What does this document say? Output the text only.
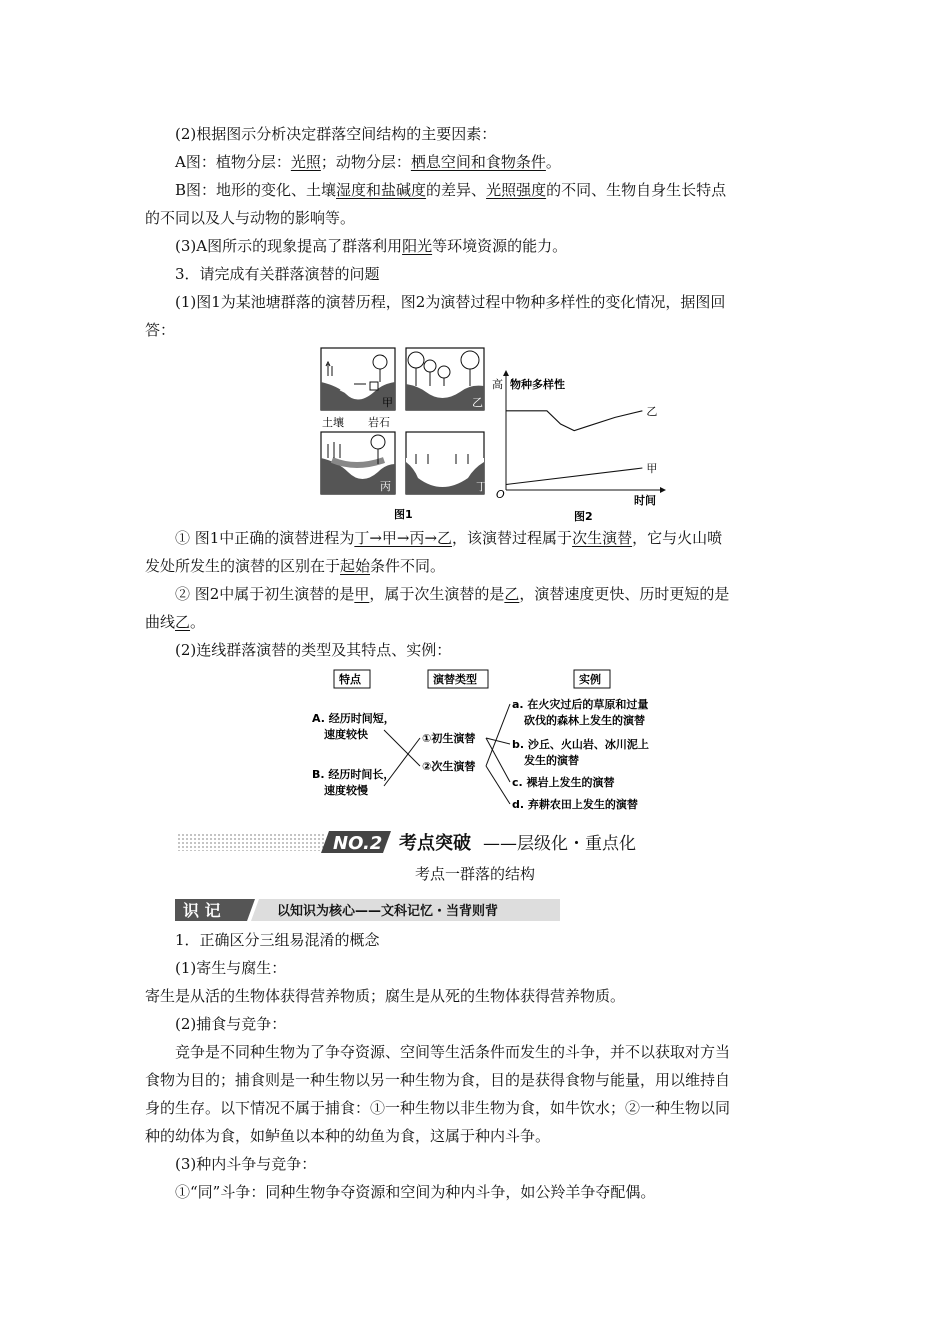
(2)根据图示分析决定群落空间结构的主要因素：
A图：植物分层：光照；动物分层：栖息空间和食物条件。
B图：地形的变化、土壤湿度和盐碱度的差异、光照强度的不同、生物自身生长特点
的不同以及人与动物的影响等。
(3)A图所示的现象提高了群落利用阳光等环境资源的能力。
3．请完成有关群落演替的问题
(1)图1为某池塘群落的演替历程，图2为演替过程中物种多样性的变化情况，据图回
答：
甲
土壤 岩石
乙
丙	丁
图1
高 物种多样性
O	时间
图2
乙
甲
① 图1中正确的演替进程为丁→甲→丙→乙，该演替过程属于次生演替，它与火山喷
发处所发生的演替的区别在于起始条件不同。
② 图2中属于初生演替的是甲，属于次生演替的是乙，演替速度更快、历时更短的是
曲线乙。
(2)连线群落演替的类型及其特点、实例：
特点	演替类型	实例
A. 经历时间短，
速度较快
B. 经历时间长，
速度较慢
①初生演替
②次生演替
a. 在火灾过后的草原和过量
砍伐的森林上发生的演替
b. 沙丘、火山岩、冰川泥上
发生的演替
c. 裸岩上发生的演替
d. 弃耕农田上发生的演替
NO.2 考点突破 ——层级化・重点化
考点一群落的结构
识 记	以知识为核心——文科记忆・当背则背
1．正确区分三组易混淆的概念
(1)寄生与腐生：
寄生是从活的生物体获得营养物质；腐生是从死的生物体获得营养物质。
(2)捕食与竞争：
竞争是不同种生物为了争夺资源、空间等生活条件而发生的斗争，并不以获取对方当
食物为目的；捕食则是一种生物以另一种生物为食，目的是获得食物与能量，用以维持自
身的生存。以下情况不属于捕食：①一种生物以非生物为食，如牛饮水；②一种生物以同
种的幼体为食，如鲈鱼以本种的幼鱼为食，这属于种内斗争。
(3)种内斗争与竞争：
①“同”斗争：同种生物争夺资源和空间为种内斗争，如公羚羊争夺配偶。
